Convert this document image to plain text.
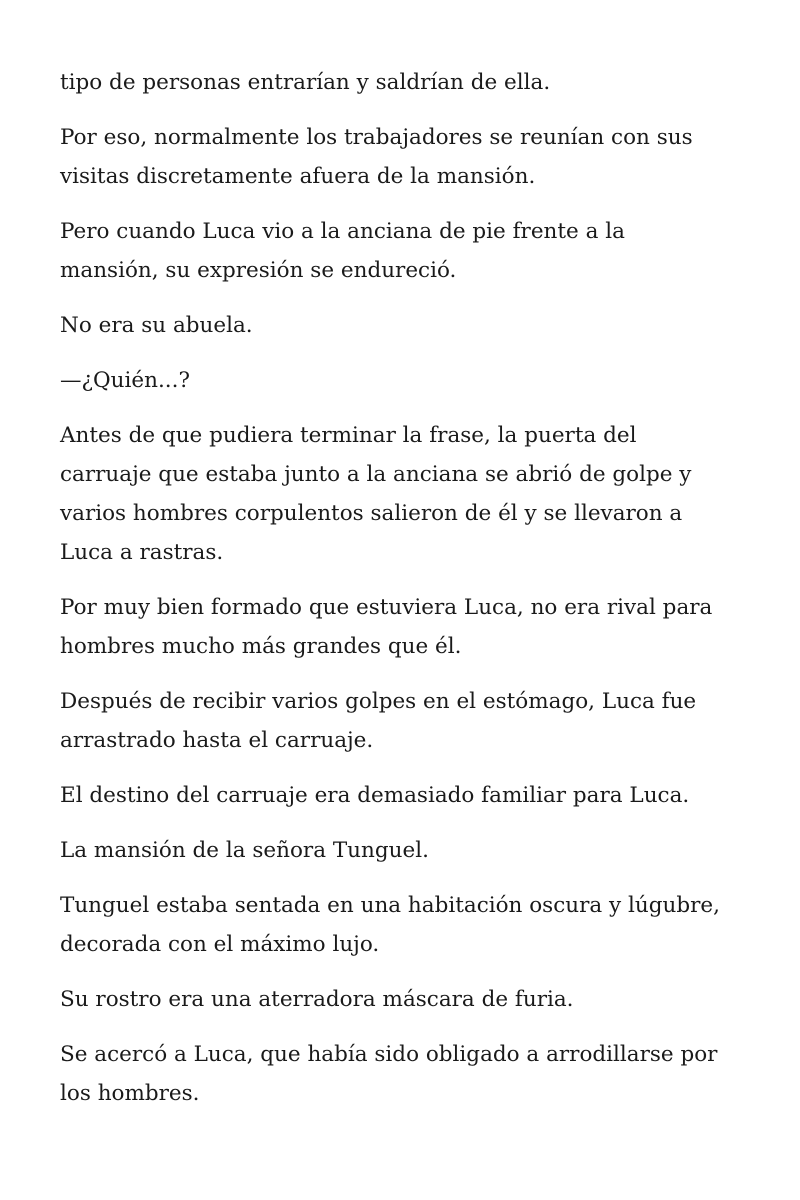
tipo de personas entrarían y saldrían de ella.

Por eso, normalmente los trabajadores se reunían con sus
visitas discretamente afuera de la mansión.

Pero cuando Luca vio a la anciana de pie frente a la
mansión, su expresión se endureció.

No era su abuela.

—¿Quién...?

Antes de que pudiera terminar la frase, la puerta del
carruaje que estaba junto a la anciana se abrió de golpe y
varios hombres corpulentos salieron de él y se llevaron a
Luca a rastras.

Por muy bien formado que estuviera Luca, no era rival para
hombres mucho más grandes que él.

Después de recibir varios golpes en el estómago, Luca fue
arrastrado hasta el carruaje.

El destino del carruaje era demasiado familiar para Luca.

La mansión de la señora Tunguel.

Tunguel estaba sentada en una habitación oscura y lúgubre,
decorada con el máximo lujo.

Su rostro era una aterradora máscara de furia.

Se acercó a Luca, que había sido obligado a arrodillarse por
los hombres.
